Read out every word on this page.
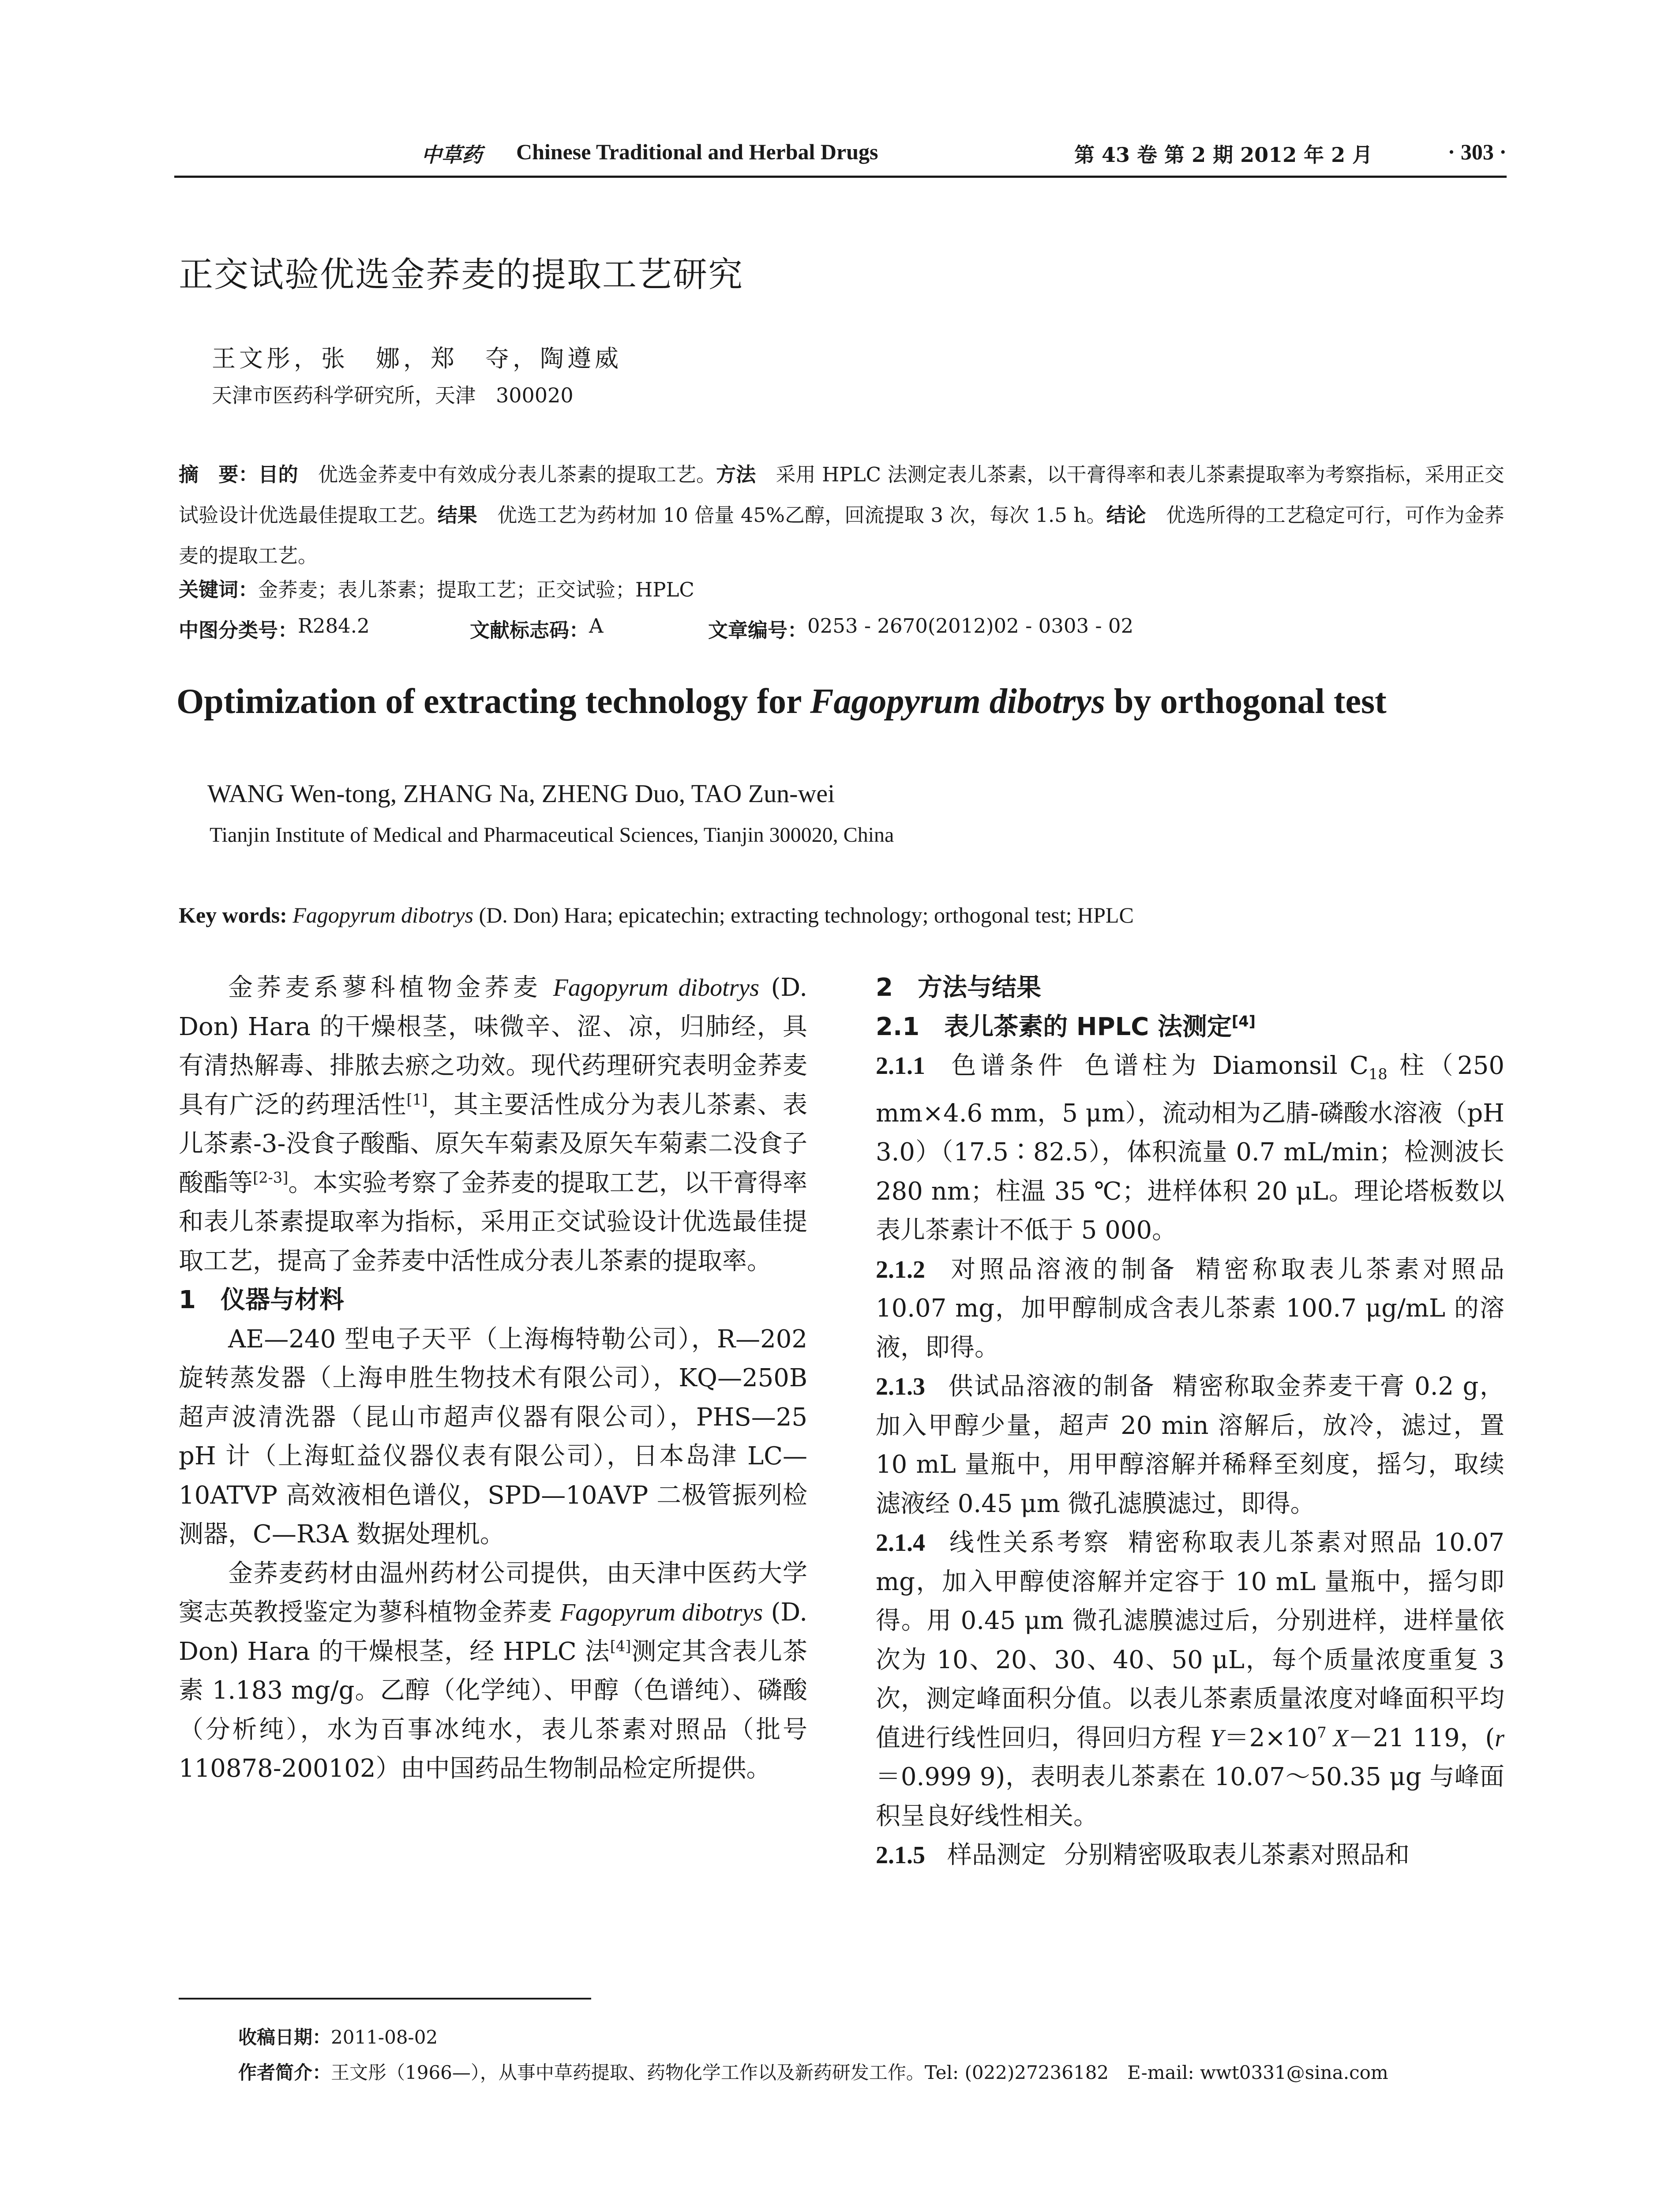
中草药 Chinese Traditional and Herbal Drugs	第 43 卷 第 2 期 2012 年 2 月	· 303 ·
正交试验优选金荞麦的提取工艺研究
王文彤，张　娜，郑　夺，陶遵威
天津市医药科学研究所，天津　300020
摘　要：目的　 优选金荞麦中有效成分表儿茶素的提取工艺。方法　 采用 HPLC 法测定表儿茶素，以干膏得率和表儿茶素提取率为考察指标，采用正交试验设计优选最佳提取工艺。结果　 优选工艺为药材加 10 倍量 45%乙醇，回流提取 3 次，每次 1.5 h。结论　 优选所得的工艺稳定可行，可作为金荞麦的提取工艺。
关键词：金荞麦；表儿茶素；提取工艺；正交试验；HPLC
中图分类号： R284.2	文献标志码： A	文章编号： 0253 - 2670(2012)02 - 0303 - 02
Optimization of extracting technology for Fagopyrum dibotrys by orthogonal test
WANG Wen-tong, ZHANG Na, ZHENG Duo, TAO Zun-wei
Tianjin Institute of Medical and Pharmaceutical Sciences, Tianjin 300020, China
Key words: Fagopyrum dibotrys (D. Don) Hara; epicatechin; extracting technology; orthogonal test; HPLC

金荞麦系蓼科植物金荞麦 Fagopyrum dibotrys (D. Don) Hara 的干燥根茎，味微辛、涩、凉，归肺经，具有清热解毒、排脓去瘀之功效。现代药理研究表明金荞麦具有广泛的药理活性[1]，其主要活性成分为表儿茶素、表儿茶素-3-没食子酸酯、原矢车菊素及原矢车菊素二没食子酸酯等[2-3]。本实验考察了金荞麦的提取工艺，以干膏得率和表儿茶素提取率为指标，采用正交试验设计优选最佳提取工艺，提高了金荞麦中活性成分表儿茶素的提取率。

1　 仪器与材料

AE—240 型电子天平（上海梅特勒公司），R—202 旋转蒸发器（上海申胜生物技术有限公司），KQ—250B 超声波清洗器（昆山市超声仪器有限公司），PHS—25 pH 计（上海虹益仪器仪表有限公司），日本岛津 LC—10ATVP 高效液相色谱仪，SPD—10AVP 二极管振列检测器，C—R3A 数据处理机。

金荞麦药材由温州药材公司提供，由天津中医药大学窦志英教授鉴定为蓼科植物金荞麦 Fagopyrum dibotrys (D. Don) Hara 的干燥根茎，经 HPLC 法[4]测定其含表儿茶素 1.183 mg/g。乙醇（化学纯）、甲醇（色谱纯）、磷酸（分析纯），水为百事冰纯水，表儿茶素对照品（批号 110878-200102）由中国药品生物制品检定所提供。

2　 方法与结果

2.1　 表儿茶素的 HPLC 法测定[4]

2.1.1 色谱条件 色谱柱为 Diamonsil $C_{18}$ 柱（250 mm×4.6 mm，5 μm），流动相为乙腈-磷酸水溶液（pH 3.0）（17.5∶82.5），体积流量 0.7 mL/min；检测波长 280 nm；柱温 35 ℃；进样体积 20 μL。理论塔板数以表儿茶素计不低于 5 000。

2.1.2 对照品溶液的制备 精密称取表儿茶素对照品 10.07 mg，加甲醇制成含表儿茶素 100.7 μg/mL 的溶液，即得。

2.1.3 供试品溶液的制备 精密称取金荞麦干膏 0.2 g，加入甲醇少量，超声 20 min 溶解后，放冷，滤过，置 10 mL 量瓶中，用甲醇溶解并稀释至刻度，摇匀，取续滤液经 0.45 μm 微孔滤膜滤过，即得。

2.1.4 线性关系考察 精密称取表儿茶素对照品 10.07 mg，加入甲醇使溶解并定容于 10 mL 量瓶中，摇匀即得。用 0.45 μm 微孔滤膜滤过后，分别进样，进样量依次为 10、20、30、40、50 μL，每个质量浓度重复 3 次，测定峰面积分值。以表儿茶素质量浓度对峰面积平均值进行线性回归，得回归方程 $Y=2\times 10^7$ X－21 119，(r＝0.999 9)，表明表儿茶素在 10.07～50.35 μg 与峰面积呈良好线性相关。

2.1.5 样品测定 分别精密吸取表儿茶素对照品和

收稿日期：2011-08-02
作者简介：王文彤（1966—），从事中草药提取、药物化学工作以及新药研发工作。Tel: (022)27236182　E-mail: wwt0331@sina.com
